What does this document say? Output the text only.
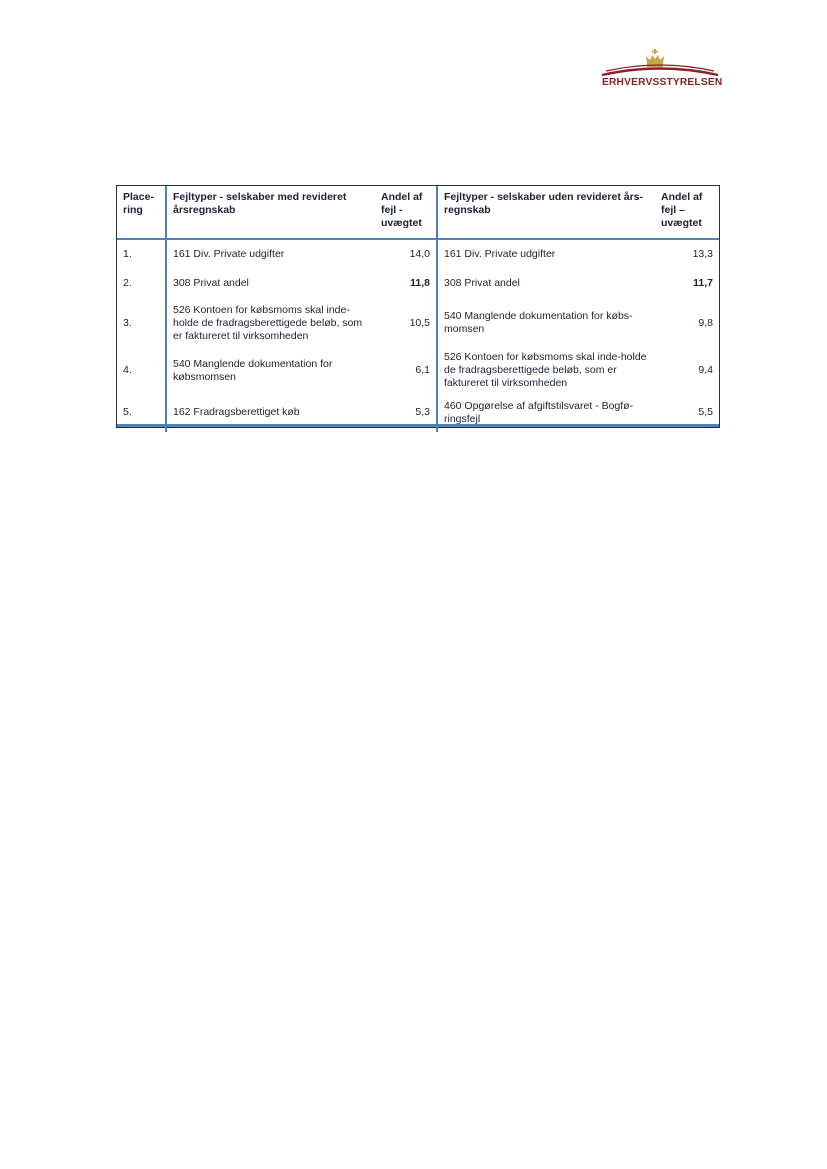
ERHVERVSSTYRELSEN
Place-
ring	Fejltyper - selskaber med revideret årsregnskab	Andel af fejl - uvægtet	Fejltyper - selskaber uden revideret års-regnskab	Andel af fejl – uvægtet
1.	161 Div. Private udgifter	14,0	161 Div. Private udgifter	13,3
2.	308 Privat andel	11,8	308 Privat andel	11,7
3.	526 Kontoen for købsmoms skal inde-holde de fradragsberettigede beløb, som er faktureret til virksomheden	10,5	540 Manglende dokumentation for købs-momsen	9,8
4.	540 Manglende dokumentation for købsmomsen	6,1	526 Kontoen for købsmoms skal inde-holde de fradragsberettigede beløb, som er faktureret til virksomheden	9,4
5.	162 Fradragsberettiget køb	5,3	460 Opgørelse af afgiftstilsvaret - Bogfø-ringsfejl	5,5
